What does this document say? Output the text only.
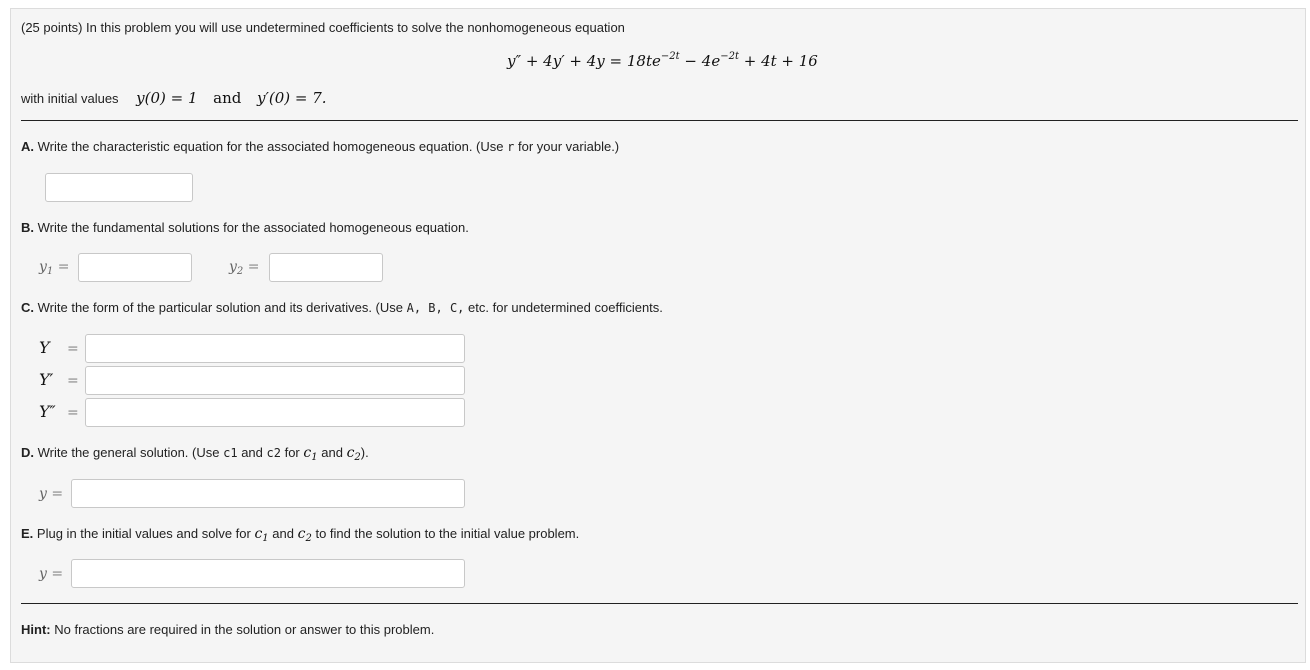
(25 points) In this problem you will use undetermined coefficients to solve the nonhomogeneous equation
$y'' + 4y' + 4y = 18te^{-2t} - 4e^{-2t} + 4t + 16$
with initial values y(0) = 1 and y′(0) = 7.
A. Write the characteristic equation for the associated homogeneous equation. (Use r for your variable.)
B. Write the fundamental solutions for the associated homogeneous equation.
$y_1$ =	$y_2$ =
C. Write the form of the particular solution and its derivatives. (Use A, B, C, etc. for undetermined coefficients.
Y =
Y′ =
Y″ =
D. Write the general solution. (Use c1 and c2 for $c_1$ and $c_2$).
y =
E. Plug in the initial values and solve for $c_1$ and $c_2$ to find the solution to the initial value problem.
y =
Hint: No fractions are required in the solution or answer to this problem.
